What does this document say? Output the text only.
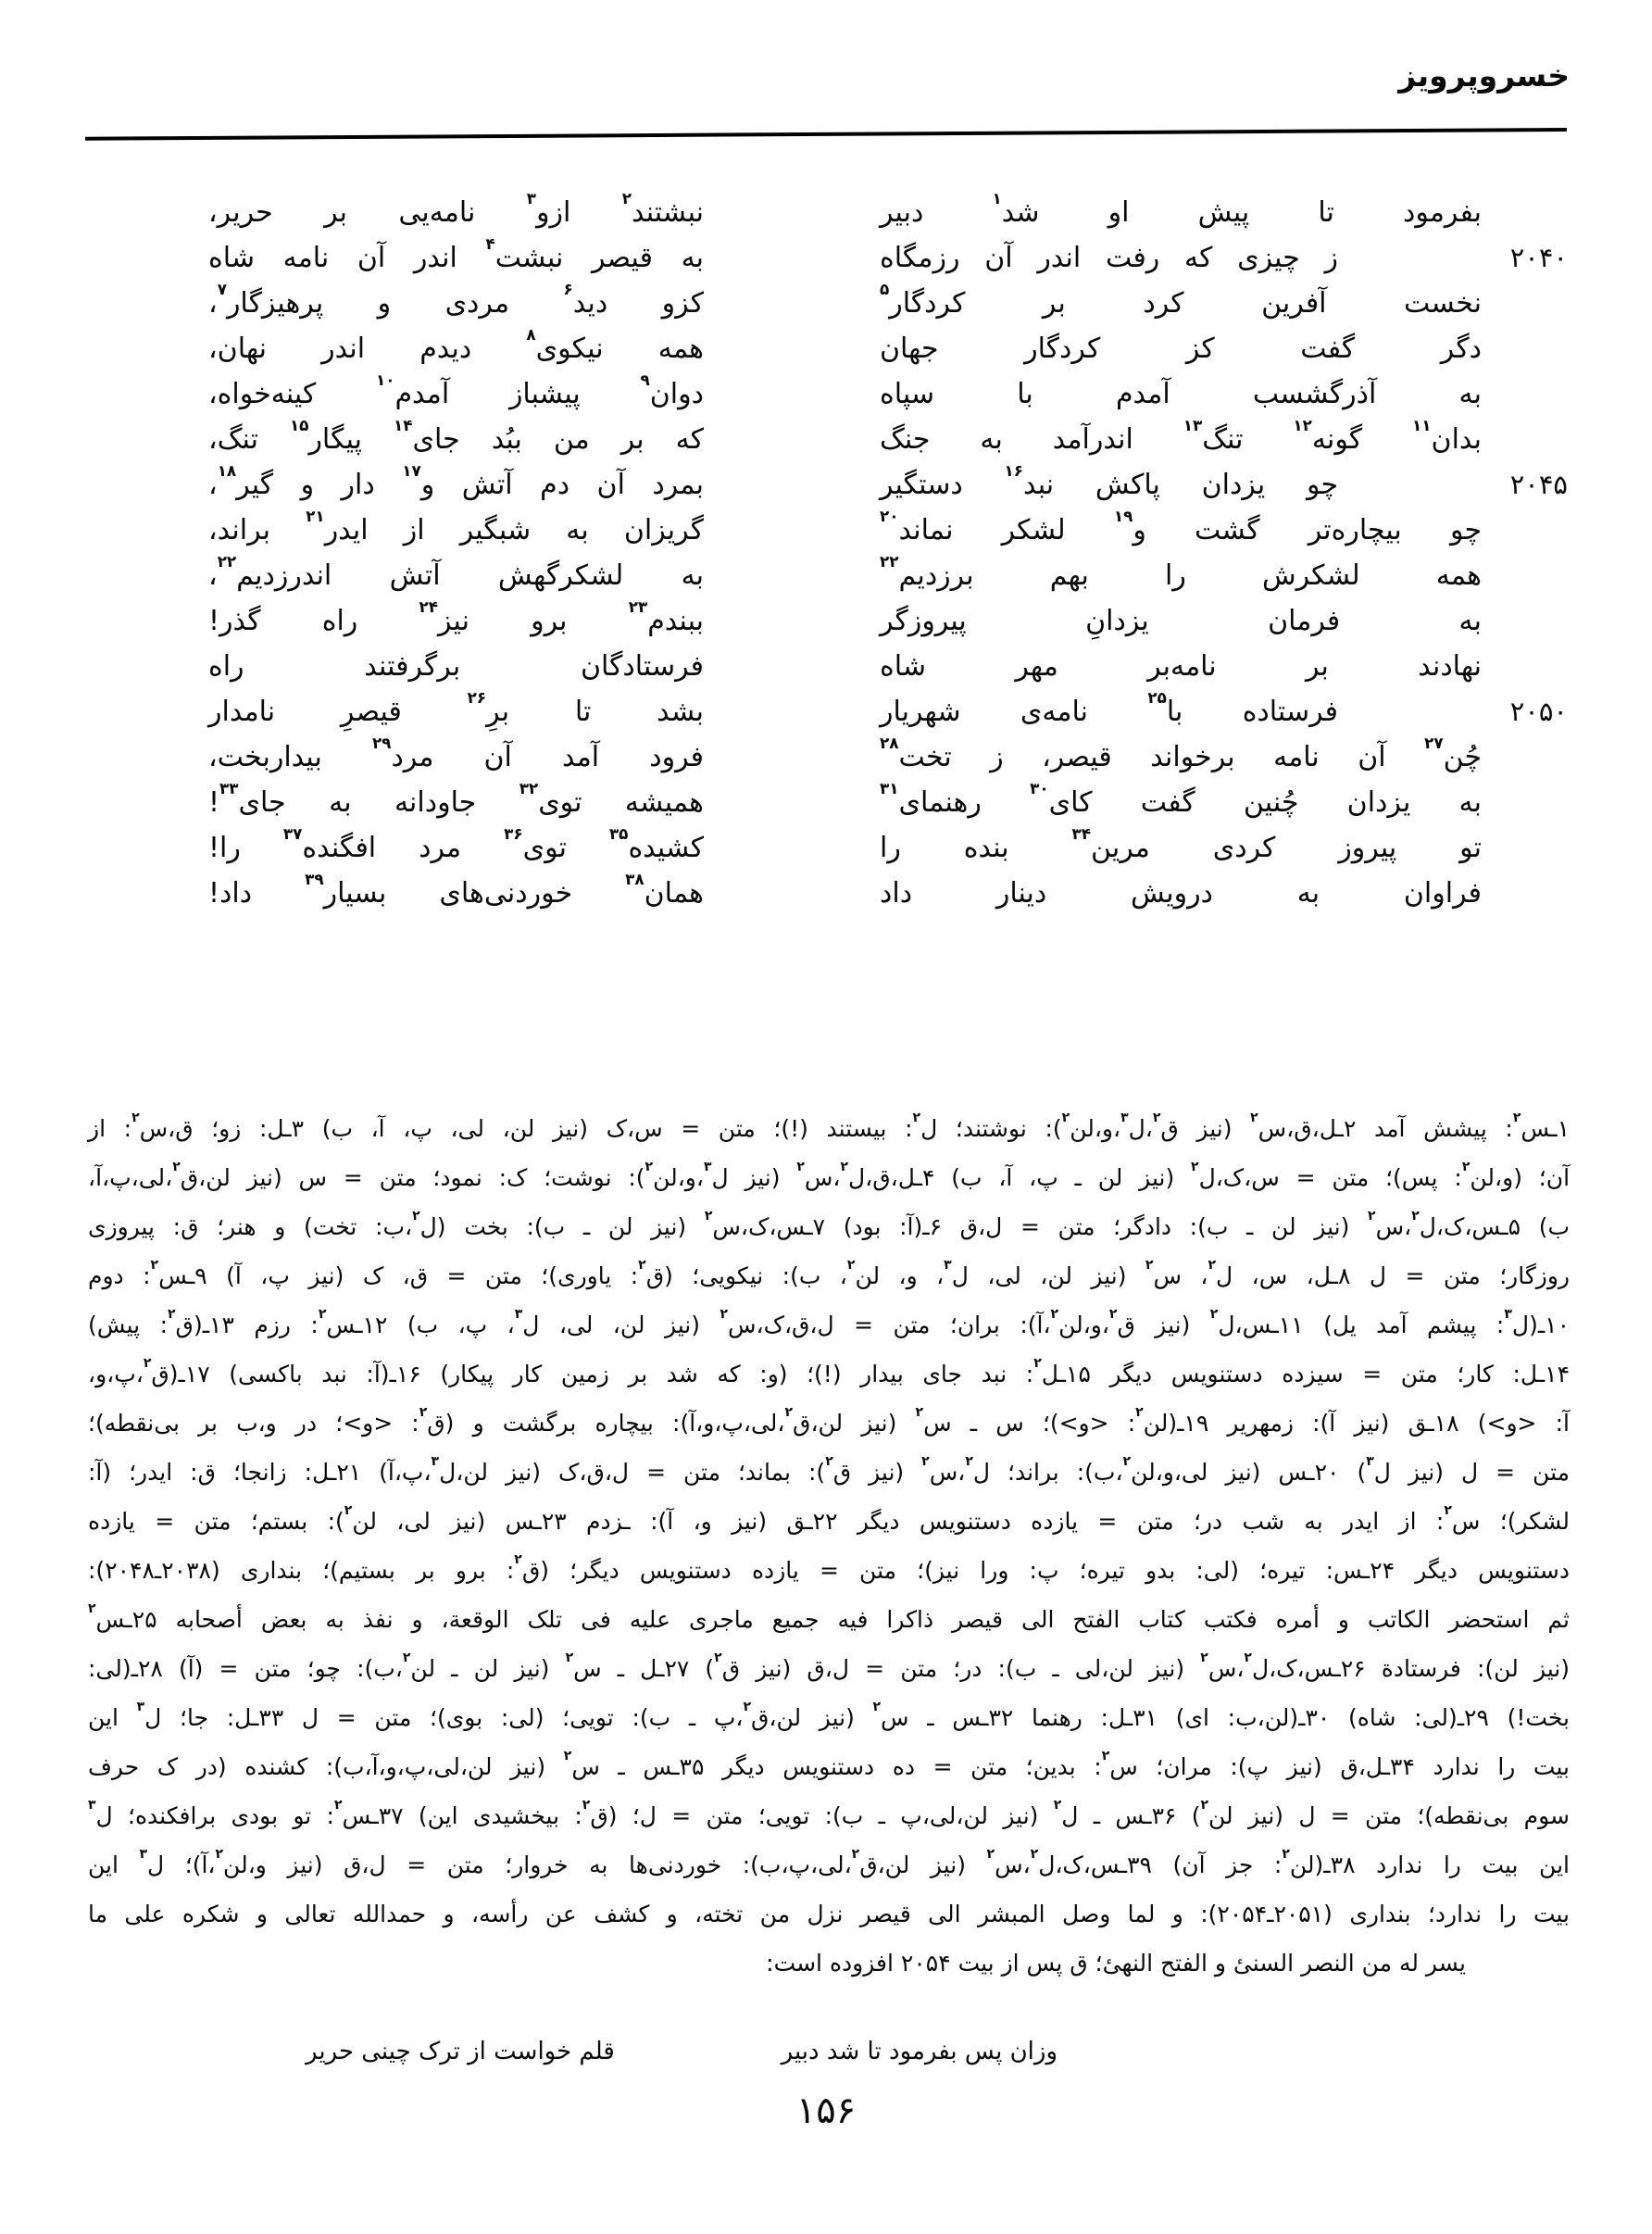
خسروپرویز
بفرمود تا پیش او شد$^۱$ دبیر
نبشتند$^۲$ ازو$^۳$ نامه‌یی بر حریر،
۲۰۴۰
ز چیزی که رفت اندر آن رزمگاه
به قیصر نبشت$^۴$ اندر آن نامه شاه
نخست آفرین کرد بر کردگار$^۵$
کزو دید$^۶$ مردی و پرهیزگار$^۷$،
دگر گفت کز کردگار جهان
همه نیکوی$^۸$ دیدم اندر نهان،
به آذرگشسب آمدم با سپاه
دوان$^۹$ پیشباز آمدم$^{۱۰}$ کینه‌خواه،
بدان$^{۱۱}$ گونه$^{۱۲}$ تنگ$^{۱۳}$ اندرآمد به جنگ
که بر من ببُد جای$^{۱۴}$ پیگار$^{۱۵}$ تنگ،
۲۰۴۵
چو یزدان پاکش نبد$^{۱۶}$ دستگیر
بمرد آن دم آتش و$^{۱۷}$ دار و گیر$^{۱۸}$،
چو بیچاره‌تر گشت و$^{۱۹}$ لشکر نماند$^{۲۰}$
گریزان به شبگیر از ایدر$^{۲۱}$ براند،
همه لشکرش را بهم برزدیم$^{۲۲}$
به لشکرگهش آتش اندرزدیم$^{۲۲}$،
به فرمان یزدانِ پیروزگر
ببندم$^{۲۳}$ برو نیز$^{۲۴}$ راه گذر!
نهادند بر نامه‌بر مهر شاه
فرستادگان برگرفتند راه
۲۰۵۰
فرستاده با$^{۲۵}$ نامه‌ی شهریار
بشد تا برِ$^{۲۶}$ قیصرِ نامدار
چُن$^{۲۷}$ آن نامه برخواند قیصر، ز تخت$^{۲۸}$
فرود آمد آن مرد$^{۲۹}$ بیداربخت،
به یزدان چُنین گفت کای$^{۳۰}$ رهنمای$^{۳۱}$
همیشه توی$^{۳۲}$ جاودانه به جای$^{۳۳}$!
تو پیروز کردی مرین$^{۳۴}$ بنده را
کشیده$^{۳۵}$ توی$^{۳۶}$ مرد افگنده$^{۳۷}$ را!
فراوان به درویش دینار داد
همان$^{۳۸}$ خوردنی‌های بسیار$^{۳۹}$ داد!
۱ـس$^۲$: پیشش آمد ۲ـل،ق،س$^۲$ (نیز ق$^۲$،ل$^۳$،و،لن$^۲$): نوشتند؛ ل$^۲$: بیستند (!)؛ متن = س،ک (نیز لن، لی، پ، آ، ب) ۳ـل: زو؛ ق،س$^۲$: از
آن؛ (و،لن$^۲$: پس)؛ متن = س،ک،ل$^۲$ (نیز لن ـ پ، آ، ب) ۴ـل،ق،ل$^۲$،س$^۲$ (نیز ل$^۳$،و،لن$^۲$): نوشت؛ ک: نمود؛ متن = س (نیز لن،ق$^۲$،لی،پ،آ،
ب) ۵ـس،ک،ل$^۲$،س$^۲$ (نیز لن ـ ب): دادگر؛ متن = ل،ق ۶ـ(آ: بود) ۷ـس،ک،س$^۲$ (نیز لن ـ ب): بخت (ل$^۲$،ب: تخت) و هنر؛ ق: پیروزی
روزگار؛ متن = ل ۸ـل، س، ل$^۲$، س$^۲$ (نیز لن، لی، ل$^۳$، و، لن$^۲$، ب): نیکویی؛ (ق$^۲$: یاوری)؛ متن = ق، ک (نیز پ، آ) ۹ـس$^۲$: دوم
۱۰ـ(ل$^۳$: پیشم آمد یل) ۱۱ـس،ل$^۲$ (نیز ق$^۲$،و،لن$^۲$،آ): بران؛ متن = ل،ق،ک،س$^۲$ (نیز لن، لی، ل$^۳$، پ، ب) ۱۲ـس$^۲$: رزم ۱۳ـ(ق$^۲$: پیش)
۱۴ـل: کار؛ متن = سیزده دستنویس دیگر ۱۵ـل$^۲$: نبد جای بیدار (!)؛ (و: که شد بر زمین کار پیکار) ۱۶ـ(آ: نبد باکسی) ۱۷ـ(ق$^۲$،پ،و،
آ: <و>) ۱۸ـق (نیز آ): زمهریر ۱۹ـ(لن$^۲$: <و>)؛ س ـ س$^۲$ (نیز لن،ق$^۲$،لی،پ،و،آ): بیچاره برگشت و (ق$^۲$: <و>؛ در و،ب بر بی‌نقطه)؛
متن = ل (نیز ل$^۳$) ۲۰ـس (نیز لی،و،لن$^۲$،ب): براند؛ ل$^۲$،س$^۲$ (نیز ق$^۲$): بماند؛ متن = ل،ق،ک (نیز لن،ل$^۳$،پ،آ) ۲۱ـل: زانجا؛ ق: ایدر؛ (آ:
لشکر)؛ س$^۲$: از ایدر به شب در؛ متن = یازده دستنویس دیگر ۲۲ـق (نیز و، آ): ـزدم ۲۳ـس (نیز لی، لن$^۲$): بستم؛ متن = یازده
دستنویس دیگر ۲۴ـس: تیره؛ (لی: بدو تیره؛ پ: ورا نیز)؛ متن = یازده دستنویس دیگر؛ (ق$^۲$: برو بر بستیم)؛ بنداری (۲۰۳۸ـ۲۰۴۸):
ثم استحضر الکاتب و أمره فکتب کتاب الفتح الی قیصر ذاکرا فیه جمیع ماجری علیه فی تلک الوقعة، و نفذ به بعض أصحابه ۲۵ـس$^۲$
(نیز لن): فرستادة ۲۶ـس،ک،ل$^۲$،س$^۲$ (نیز لن،لی ـ ب): در؛ متن = ل،ق (نیز ق$^۲$) ۲۷ـل ـ س$^۲$ (نیز لن ـ لن$^۲$،ب): چو؛ متن = (آ) ۲۸ـ(لی:
بخت!) ۲۹ـ(لی: شاه) ۳۰ـ(لن،ب: ای) ۳۱ـل: رهنما ۳۲ـس ـ س$^۲$ (نیز لن،ق$^۲$،پ ـ ب): تویی؛ (لی: بوی)؛ متن = ل ۳۳ـل: جا؛ ل$^۳$ این
بیت را ندارد ۳۴ـل،ق (نیز پ): مران؛ س$^۲$: بدین؛ متن = ده دستنویس دیگر ۳۵ـس ـ س$^۲$ (نیز لن،لی،پ،و،آ،ب): کشنده (در ک حرف
سوم بی‌نقطه)؛ متن = ل (نیز لن$^۲$) ۳۶ـس ـ ل$^۲$ (نیز لن،لی،پ ـ ب): تویی؛ متن = ل؛ (ق$^۲$: بیخشیدی این) ۳۷ـس$^۲$: تو بودی برافکنده؛ ل$^۳$
این بیت را ندارد ۳۸ـ(لن$^۲$: جز آن) ۳۹ـس،ک،ل$^۲$،س$^۲$ (نیز لن،ق$^۲$،لی،پ،ب): خوردنی‌ها به خروار؛ متن = ل،ق (نیز و،لن$^۲$،آ)؛ ل$^۳$ این
بیت را ندارد؛ بنداری (۲۰۵۱ـ۲۰۵۴): و لما وصل المبشر الی قیصر نزل من تخته، و کشف عن رأسه، و حمدالله تعالی و شکره علی ما
یسر له من النصر السنیٔ و الفتح النهیٔ؛ ق پس از بیت ۲۰۵۴ افزوده است:
وزان پس بفرمود تا شد دبیر
قلم خواست از ترک چینی حریر
۱۵۶
